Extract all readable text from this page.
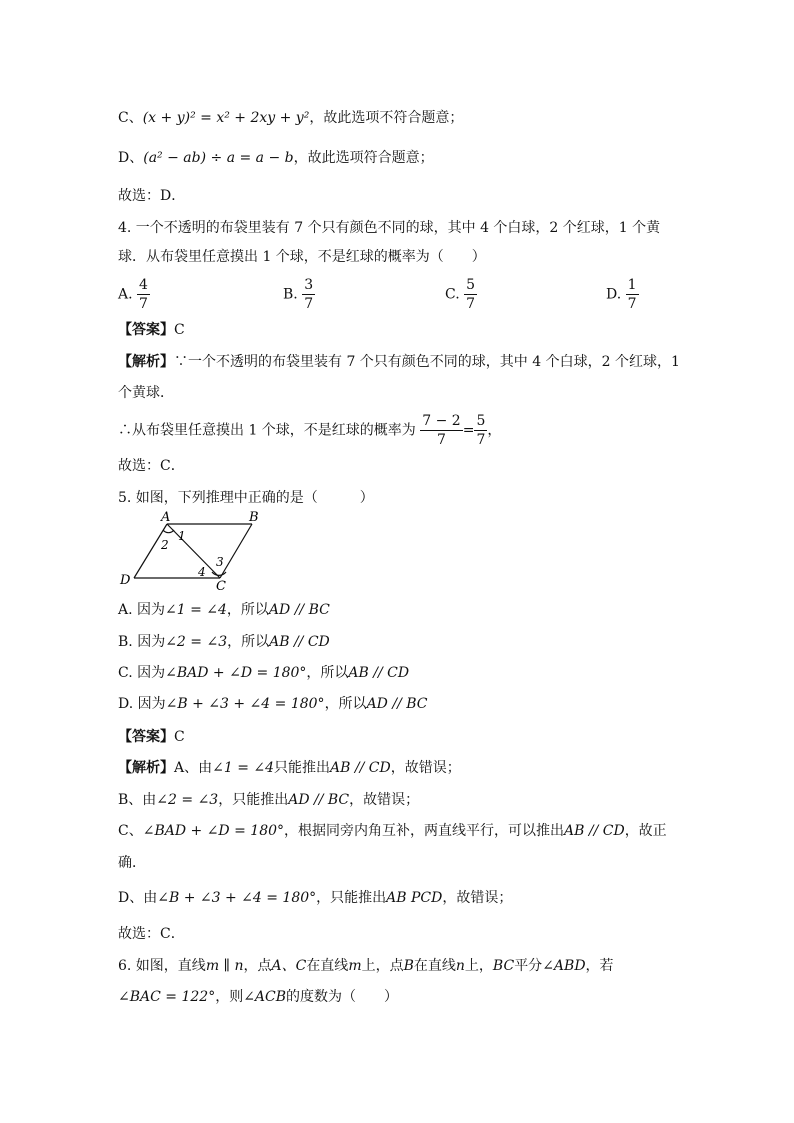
C、(x + y)² = x² + 2xy + y²，故此选项不符合题意；
D、(a² − ab) ÷ a = a − b，故此选项符合题意；
故选：D．
4. 一个不透明的布袋里装有 7 个只有颜色不同的球，其中 4 个白球，2 个红球，1 个黄
球．从布袋里任意摸出 1 个球，不是红球的概率为（　　）
A. $\frac{4}{7}$	B. $\frac{3}{7}$	C. $\frac{5}{7}$	D. $\frac{1}{7}$
【答案】C
【解析】∵一个不透明的布袋里装有 7 个只有颜色不同的球，其中 4 个白球，2 个红球，1
个黄球．
∴从布袋里任意摸出 1 个球，不是红球的概率为 $\frac{7 - 2}{7} = \frac{5}{7}$ ，
故选：C．
5. 如图，下列推理中正确的是（　　　）
A	B
C
D
1
2
3
4
A. 因为∠1 = ∠4，所以AD // BC
B. 因为∠2 = ∠3，所以AB // CD
C. 因为∠BAD + ∠D = 180°，所以AB // CD
D. 因为∠B + ∠3 + ∠4 = 180°，所以AD // BC
【答案】C
【解析】A、由∠1 = ∠4只能推出AB // CD，故错误；
B、由∠2 = ∠3，只能推出AD // BC，故错误；
C、∠BAD + ∠D = 180°，根据同旁内角互补，两直线平行，可以推出AB // CD，故正
确．
D、由∠B + ∠3 + ∠4 = 180°，只能推出AB PCD，故错误；
故选：C．
6. 如图，直线m ∥ n，点A、C在直线m上，点B在直线n上，BC平分∠ABD，若
∠BAC = 122°，则∠ACB的度数为（　　）
